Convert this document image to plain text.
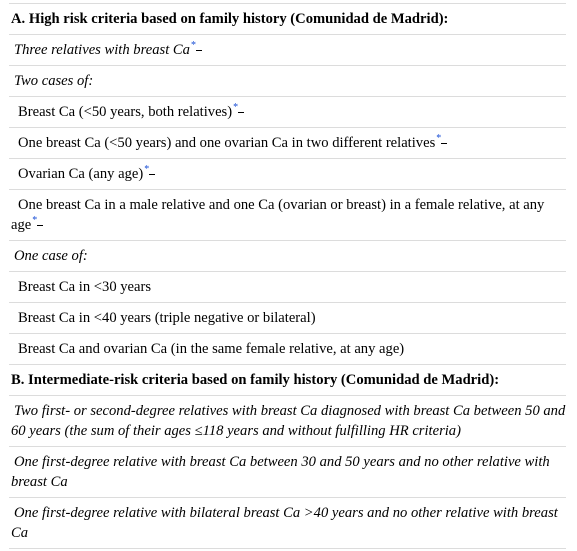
A. High risk criteria based on family history (Comunidad de Madrid):
Three relatives with breast Ca*
Two cases of:
Breast Ca (<50 years, both relatives)*
One breast Ca (<50 years) and one ovarian Ca in two different relatives*
Ovarian Ca (any age)*
One breast Ca in a male relative and one Ca (ovarian or breast) in a female relative, at any age*
One case of:
Breast Ca in <30 years
Breast Ca in <40 years (triple negative or bilateral)
Breast Ca and ovarian Ca (in the same female relative, at any age)
B. Intermediate-risk criteria based on family history (Comunidad de Madrid):
Two first- or second-degree relatives with breast Ca diagnosed with breast Ca between 50 and 60 years (the sum of their ages ≤118 years and without fulfilling HR criteria)
One first-degree relative with breast Ca between 30 and 50 years and no other relative with breast Ca
One first-degree relative with bilateral breast Ca >40 years and no other relative with breast Ca
